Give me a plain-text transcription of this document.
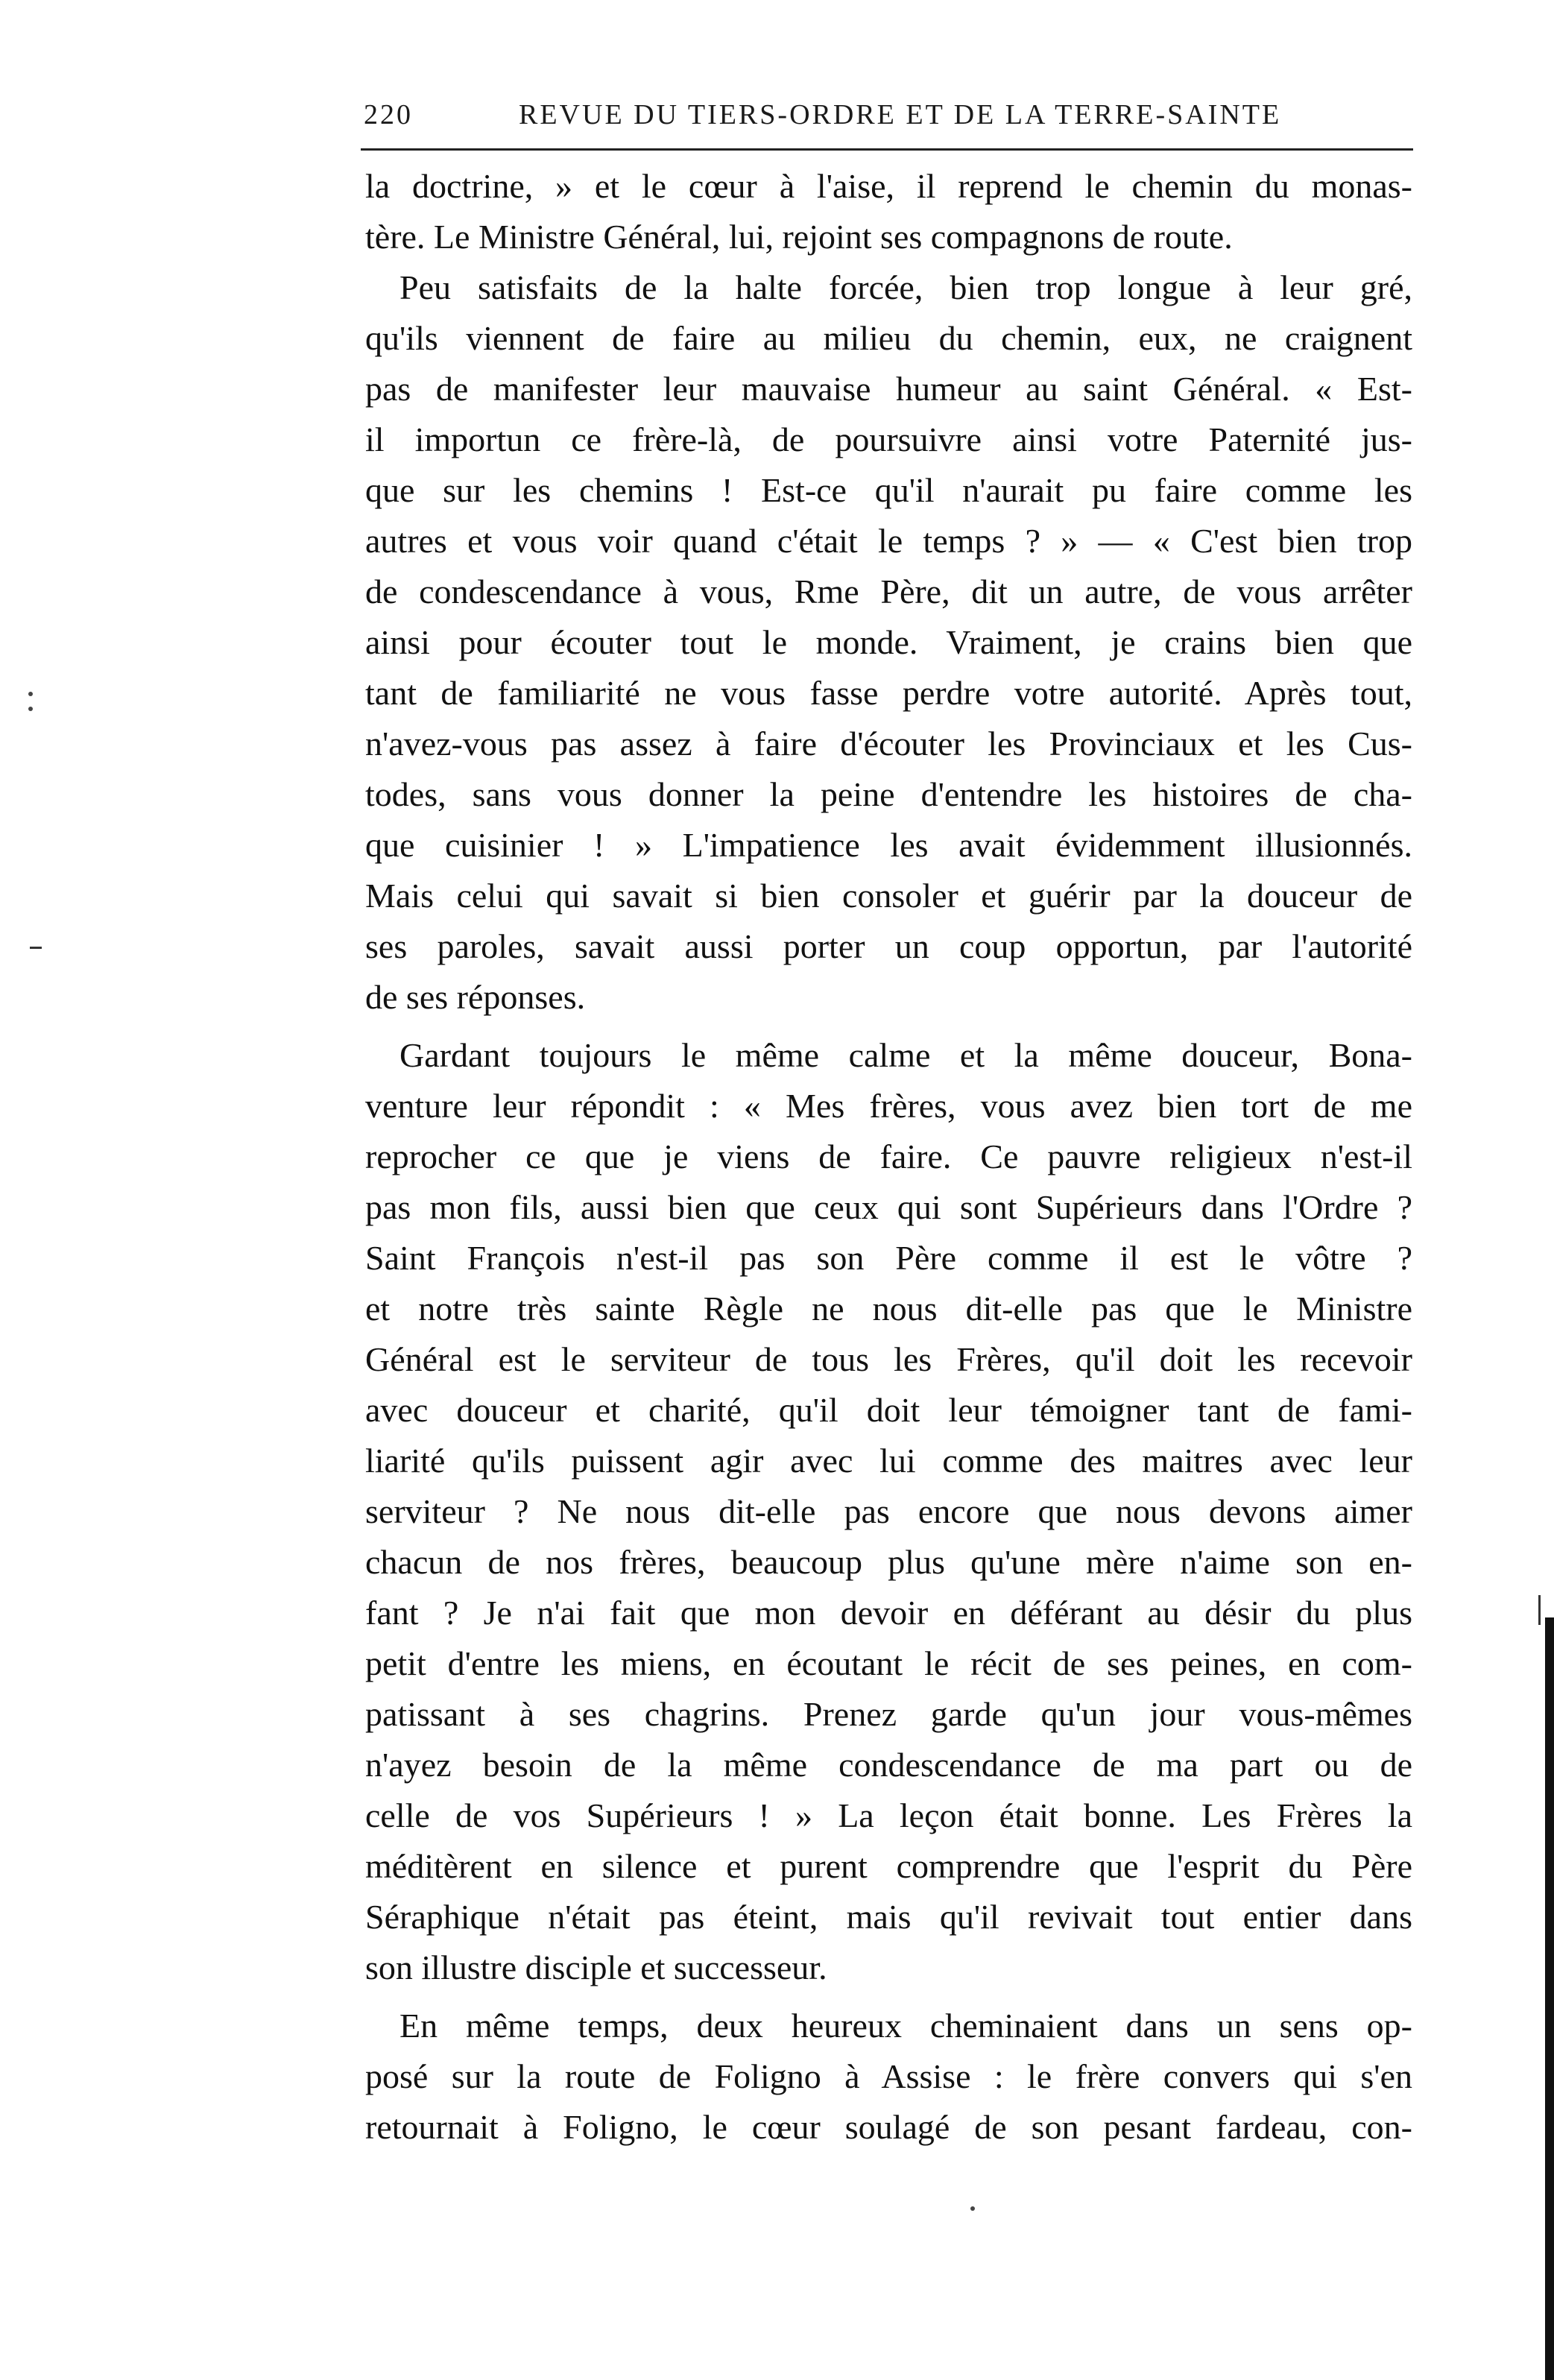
220	REVUE DU TIERS-ORDRE ET DE LA TERRE-SAINTE
la doctrine, » et le cœur à l'aise, il reprend le chemin du monas-
tère. Le Ministre Général, lui, rejoint ses compagnons de route.
Peu satisfaits de la halte forcée, bien trop longue à leur gré,
qu'ils viennent de faire au milieu du chemin, eux, ne craignent
pas de manifester leur mauvaise humeur au saint Général. « Est-
il importun ce frère-là, de poursuivre ainsi votre Paternité jus-
que sur les chemins ! Est-ce qu'il n'aurait pu faire comme les
autres et vous voir quand c'était le temps ? » — « C'est bien trop
de condescendance à vous, Rme Père, dit un autre, de vous arrêter
ainsi pour écouter tout le monde. Vraiment, je crains bien que
tant de familiarité ne vous fasse perdre votre autorité. Après tout,
n'avez-vous pas assez à faire d'écouter les Provinciaux et les Cus-
todes, sans vous donner la peine d'entendre les histoires de cha-
que cuisinier ! » L'impatience les avait évidemment illusionnés.
Mais celui qui savait si bien consoler et guérir par la douceur de
ses paroles, savait aussi porter un coup opportun, par l'autorité
de ses réponses.
Gardant toujours le même calme et la même douceur, Bona-
venture leur répondit : « Mes frères, vous avez bien tort de me
reprocher ce que je viens de faire. Ce pauvre religieux n'est-il
pas mon fils, aussi bien que ceux qui sont Supérieurs dans l'Ordre ?
Saint François n'est-il pas son Père comme il est le vôtre ?
et notre très sainte Règle ne nous dit-elle pas que le Ministre
Général est le serviteur de tous les Frères, qu'il doit les recevoir
avec douceur et charité, qu'il doit leur témoigner tant de fami-
liarité qu'ils puissent agir avec lui comme des maitres avec leur
serviteur ? Ne nous dit-elle pas encore que nous devons aimer
chacun de nos frères, beaucoup plus qu'une mère n'aime son en-
fant ? Je n'ai fait que mon devoir en déférant au désir du plus
petit d'entre les miens, en écoutant le récit de ses peines, en com-
patissant à ses chagrins. Prenez garde qu'un jour vous-mêmes
n'ayez besoin de la même condescendance de ma part ou de
celle de vos Supérieurs ! » La leçon était bonne. Les Frères la
méditèrent en silence et purent comprendre que l'esprit du Père
Séraphique n'était pas éteint, mais qu'il revivait tout entier dans
son illustre disciple et successeur.
En même temps, deux heureux cheminaient dans un sens op-
posé sur la route de Foligno à Assise : le frère convers qui s'en
retournait à Foligno, le cœur soulagé de son pesant fardeau, con-
